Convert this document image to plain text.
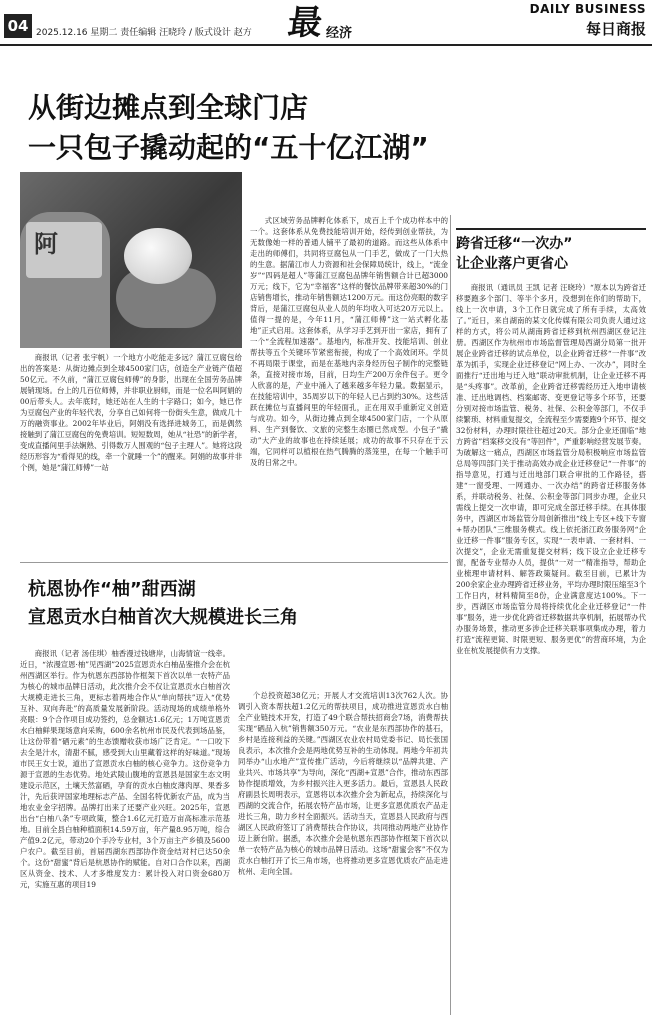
04 2025.12.16 星期二 责任编辑 汪晓玲 / 版式设计 赵方 最 经济
DAILY BUSINESS
每日商报
从街边摊点到全球门店
一只包子撬动起的“五十亿江湖”
阿

商报讯（记者 张宇帆）一个地方小吃能走多远？蒲江豆腐包给出的答案是：从街边摊点到全球4500家门店，创造全产业链产值超50亿元。不久前，“蒲江豆腐包师傅”的身影，出现在全国劳务品牌展销现场。台上的几百位师傅，并非职业厨师，而是一位名叫阿娟的00后带头人。去年底时，她还站在人生的十字路口；如今，她已作为豆腐包产业的年轻代表，分享自己如何将一份街头生意，做成几十万的融资事业。2002年毕业后，阿娟没有选择进城务工，而是偶然接触到了蒲江豆腐包的免费培训。短短数周，她从“社恐”的新学者，变成直播间里手法娴熟、引得数万人围观的“包子主理人”。她将这段经历形容为“看得见的线，牵一个就睡一个”的醒来。阿娟的故事并非个例，她是“蒲江师傅”一站

式区域劳务品牌孵化体系下，成百上千个成功样本中的一个。这套体系从免费技能培训开始，经传到创业帮扶，为无数像她一样的普通人铺平了最初的道路。而这些从体系中走出的师傅们，共同将豆腐包从一门手艺，做成了一门大热的生意。据蒲江市人力资源和社会保障局统计，线上，“流金岁”“四码是超人”等蒲江豆腐包品牌年销售额合计已超3000万元；线下，它为“幸福客”这样的餐饮品牌带来超30%的门店销售增长，推动年销售额达1200万元。而这份亮眼的数字背后，是蒲江豆腐包从业人员的年均收入可达20万元以上。值得一提的是，今年11月，“蒲江师傅”这一站式孵化基地”正式启用。这套体系，从学习手艺到开出一家店，拥有了一个“全流程加速器”。基地内，标准开发、技能培训、创业帮扶等五个关键环节紧密衔接，构成了一个高效闭环。学员不再局限于课堂，而是在基地内亲身经历包子制作的完整链条，直接对接市场，目前，日均生产200万余件包子。更令人欣喜的是，产业中涌入了越来越多年轻力量。数据显示，在技能培训中，35周岁以下的年轻人已占到约30%。这些活跃在摊位与直播间里的年轻面孔，正在用双手重新定义创造与成功。如今，从街边摊点到全球4500家门店，一个从原料、生产到餐饮、文旅的完整生态圈已然成型。小包子“撬动”大产业的故事也在持续延展；成功的故事不只存在于云端，它同样可以植根在热气腾腾的蒸笼里，在每一个触手可及的日常之中。

跨省迁移“一次办”
让企业落户更省心

商报讯（通讯员 王凯 记者 汪晓玲）“原本以为跨省迁移要跑多个部门、等半个多月，没想到在你们的帮助下，线上一次申请，3个工作日就完成了所有手续，太高效了。”近日，来自湖南的某文化传媒有限公司负责人通过这样的方式，将公司从湖南跨省迁移到杭州西湖区登记注册。西湖区作为杭州市市场监督管理局西湖分局第一批开展企业跨省迁移的试点单位，以企业跨省迁移“一件事”改革为抓手，实现企业迁移登记“网上办、一次办”，同时全面推行“迁出地与迁入地”联动审批机制，让企业迁移不再是“头疼事”。改革前，企业跨省迁移需经历迁入地申请核准、迁出地调档、档案邮寄、变更登记等多个环节，还要分别对接市场监管、税务、社保、公积金等部门，不仅手续繁琐、材料重复提交，全流程至少需要跑9个环节、提交32份材料，办理时限往往超过20天。部分企业还面临“地方跨省”档案移交没有“等回件”，严重影响经营发展节奏。为破解这一痛点，西湖区市场监管分局积极响应市场监管总局等四部门关于推动高效办成企业迁移登记“一件事”的指导意见，打通与迁出地部门联合审批的工作路径，搭建“一窗受理、一网通办、一次办结”的跨省迁移服务体系，并联动税务、社保、公积金等部门同步办理，企业只需线上提交一次申请，即可完成全部迁移手续。在具体服务中，西湖区市场监管分局创新推出“线上专区+线下专窗+帮办团队”三维服务模式。线上依托浙江政务服务网“企业迁移一件事”服务专区，实现“一表申请、一套材料、一次提交”，企业无需重复提交材料；线下设立企业迁移专窗，配备专业帮办人员，提供“一对一”精准指导，帮助企业梳理申请材料、解答政策疑问。截至目前，已累计为200余家企业办理跨省迁移业务，平均办理时限压缩至3个工作日内，材料精简至8份，企业满意度达100%。下一步，西湖区市场监管分局将持续优化企业迁移登记“一件事”服务，进一步优化跨省迁移数据共享机制，拓展帮办代办服务场景，推动更多涉企迁移关联事项集成办理，着力打造“流程更简、时限更短、服务更优”的营商环境，为企业在杭发展提供有力支撑。

杭恩协作“柚”甜西湖
宣恩贡水白柚首次大规模进长三角

商报讯（记者 汤佳琪）柚香漫过钱塘岸，山海情谊一线牵。近日，“浓漫宣恩·柚”见西湖”2025宣恩贡水白柚品鉴推介会在杭州西湖区举行。作为杭恩东西部协作框架下首次以单一农特产品为核心的城市品牌日活动，此次推介会不仅让宣恩贡水白柚首次大规模走进长三角，更标志着两地合作从“单向帮扶”迈入“优势互补、双向奔赴”的高质量发展新阶段。活动现场的成绩单格外亮眼：9个合作项目成功签约，总金额达1.6亿元；1万吨宣恩贡水白柚鲜果现场意向采购，600余名杭州市民及代表到场品鉴，让这份带着“硒元素”的生态馈赠收获市场广泛肯定。“一口咬下去全是汁水，清甜不腻，感受到大山里藏着这样的好味道。”现场市民王女士说，道出了宣恩贡水白柚的核心竞争力。这份竞争力源于宣恩的生态优势。地处武陵山腹地的宣恩县是国家生态文明建设示范区，土壤天然富硒，孕育的贡水白柚皮薄肉厚、果香多汁，先后获评国家地理标志产品、全国名特优新农产品，成为当地农业金字招牌。品牌打出来了还要产业兴旺。2025年，宣恩出台“白柚八条”专项政策，整合1.6亿元打造万亩高标准示范基地。目前全县白柚种植面积14.59万亩，年产量8.95万吨，综合产值9.2亿元，带动20个手冷专业村，3个万亩主产乡镇及5600户农户。截至目前，首届西湖东西部协作资金结对村已达50余个。这份“甜蜜”背后是杭恩协作的赋能。自对口合作以来，西湖区从资金、技术、人才多维度发力：累计投入对口资金680万元，实施互惠的项目19

个总投资超38亿元；开展人才交流培训13次762人次。协调引入资本帮扶超1.2亿元的帮扶项目，成功推进宣恩贡水白柚全产业链技术开发，打造了49个联合帮扶招商会7场，消费帮扶实现“硒品入杭”销售额350万元。“农业是东西部协作的基石，乡村是连接利益的关键。”西湖区农业农村局党委书记、局长张国良表示，本次推介会是两地优势互补的生动体现。两地今年初共同举办“山水地产”宣传推广活动，今后将继续以“品牌共建、产业共兴、市场共享”为导向，深化“西湖+宣恩”合作，推动东西部协作提质增效，为乡村振兴注入更多活力。最后，宣恩县人民政府副县长周明表示，宣恩将以本次推介会为新起点，持续深化与西湖的交流合作，拓展农特产品市场，让更多宣恩优质农产品走进长三角，助力乡村全面振兴。活动当天，宣恩县人民政府与西湖区人民政府签订了消费帮扶合作协议，共同推动两地产业协作迈上新台阶。据悉，本次推介会是杭恩东西部协作框架下首次以单一农特产品为核心的城市品牌日活动。这场“甜蜜会客”不仅为贡水白柚打开了长三角市场，也将推动更多宣恩优质农产品走进杭州、走向全国。
